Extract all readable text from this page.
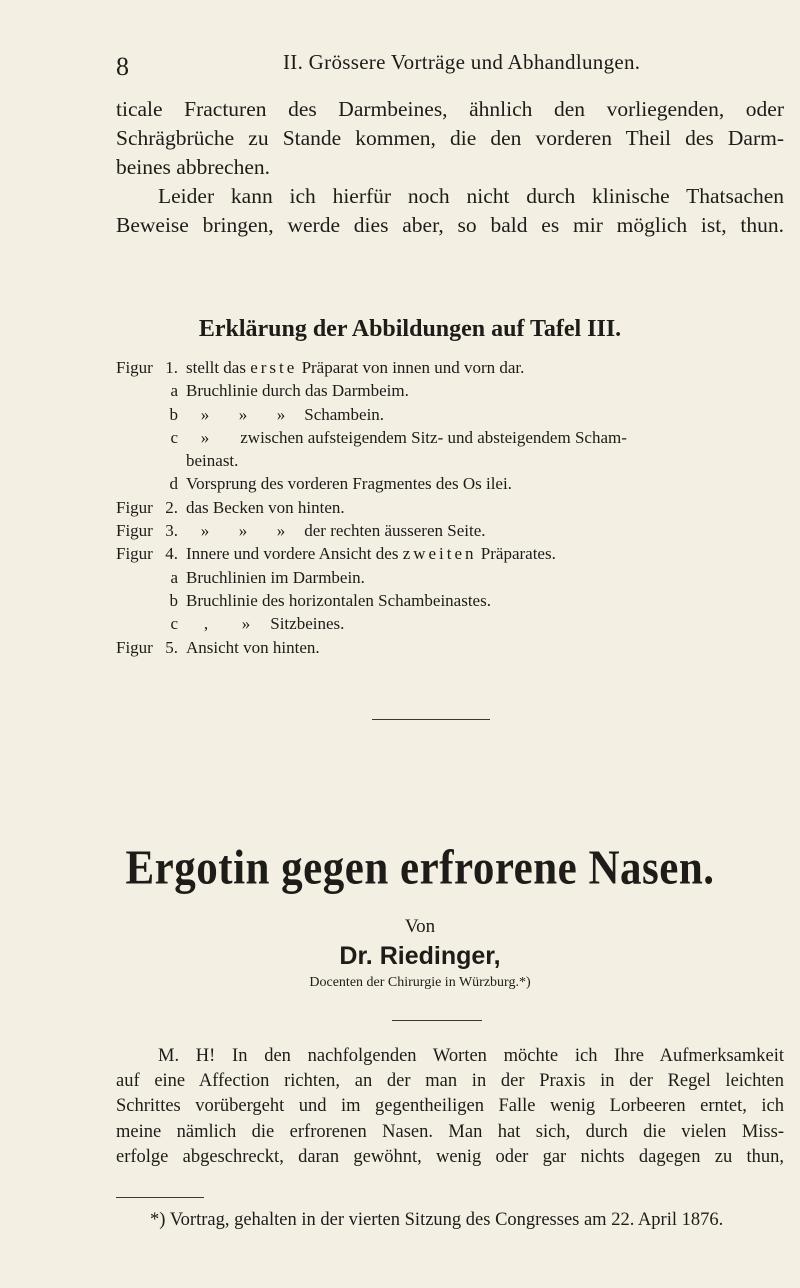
8	II. Grössere Vorträge und Abhandlungen.
ticale Fracturen des Darmbeines, ähnlich den vorliegenden, oder
Schrägbrüche zu Stande kommen, die den vorderen Theil des Darm-
beines abbrechen.
Leider kann ich hierfür noch nicht durch klinische Thatsachen
Beweise bringen, werde dies aber, so bald es mir möglich ist, thun.
Erklärung der Abbildungen auf Tafel III.
Figur 1. stellt das erste Präparat von innen und vorn dar.
a Bruchlinie durch das Darmbeim.
b	» » » Schambein.
c	» zwischen aufsteigendem Sitz- und absteigendem Scham-
beinast.
d Vorsprung des vorderen Fragmentes des Os ilei.
Figur 2. das Becken von hinten.
Figur 3.	» » » der rechten äusseren Seite.
Figur 4. Innere und vordere Ansicht des zweiten Präparates.
a Bruchlinien im Darmbein.
b Bruchlinie des horizontalen Schambeinastes.
c	, » Sitzbeines.
Figur 5. Ansicht von hinten.
Ergotin gegen erfrorene Nasen.
Von
Dr. Riedinger,
Docenten der Chirurgie in Würzburg.*)
M. H! In den nachfolgenden Worten möchte ich Ihre Aufmerksamkeit
auf eine Affection richten, an der man in der Praxis in der Regel leichten
Schrittes vorübergeht und im gegentheiligen Falle wenig Lorbeeren erntet, ich
meine nämlich die erfrorenen Nasen. Man hat sich, durch die vielen Miss-
erfolge abgeschreckt, daran gewöhnt, wenig oder gar nichts dagegen zu thun,
*) Vortrag, gehalten in der vierten Sitzung des Congresses am 22. April 1876.
